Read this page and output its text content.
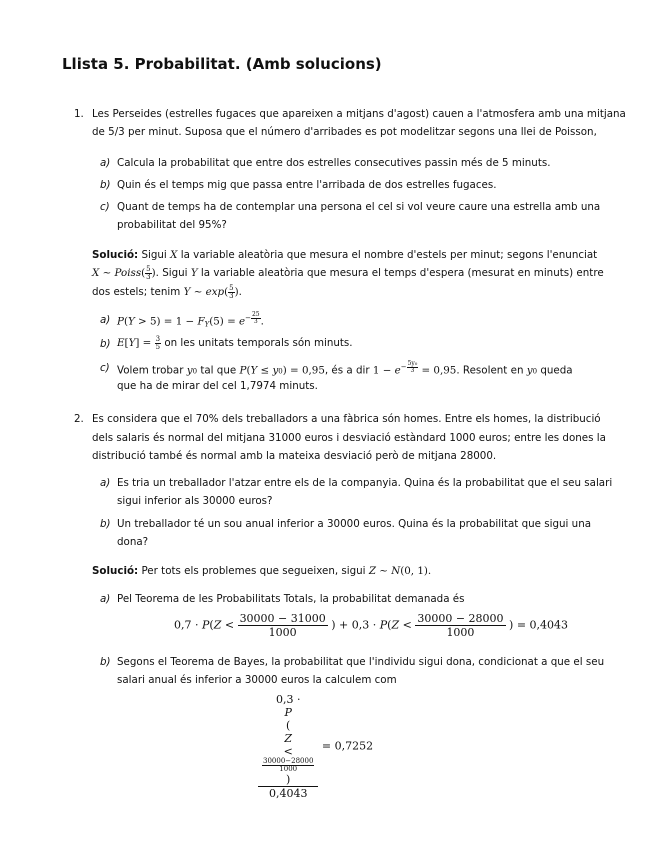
Llista 5. Probabilitat. (Amb solucions)
1. Les Perseides (estrelles fugaces que apareixen a mitjans d'agost) cauen a l'atmosfera amb una mitjana
de 5/3 per minut. Suposa que el número d'arribades es pot modelitzar segons una llei de Poisson,
a) Calcula la probabilitat que entre dos estrelles consecutives passin més de 5 minuts.
b) Quin és el temps mig que passa entre l'arribada de dos estrelles fugaces.
c) Quant de temps ha de contemplar una persona el cel si vol veure caure una estrella amb una
probabilitat del 95%?
Solució: Sigui X la variable aleatòria que mesura el nombre d'estels per minut; segons l'enunciat
X ∼ Poiss( $\frac{5}{3}$ ). Sigui Y la variable aleatòria que mesura el temps d'espera (mesurat en minuts) entre
dos estels; tenim Y ∼ $\exp( \frac{5}{3}$ ).
a) $P(Y > 5) = 1 - FY(5) = e^{- \frac{25}{3}}$ .
b) $E[Y] = \frac{3}{5}$ on les unitats temporals són minuts.
c) Volem trobar y0 tal que P(Y ≤ y0) = 0,95, és a dir $1 - e^{- \frac{\text{5y₀}}{3}} = 0,95$. Resolent en y0 queda
que ha de mirar del cel 1,7974 minuts.
2. Es considera que el 70% dels treballadors a una fàbrica són homes. Entre els homes, la distribució
dels salaris és normal del mitjana 31000 euros i desviació estàndard 1000 euros; entre les dones la
distribució també és normal amb la mateixa desviació però de mitjana 28000.
a) Es tria un treballador l'atzar entre els de la companyia. Quina és la probabilitat que el seu salari
sigui inferior als 30000 euros?
b) Un treballador té un sou anual inferior a 30000 euros. Quina és la probabilitat que sigui una
dona?
Solució: Per tots els problemes que segueixen, sigui Z ∼ N(0, 1).
a) Pel Teorema de les Probabilitats Totals, la probabilitat demanada és
$0,7 \cdot P(Z < \frac{30000 - 31000}{1000}$ ) + $0,3 \cdot P(Z < \frac{30000 - 28000}{1000}$ ) = 0,4043
b) Segons el Teorema de Bayes, la probabilitat que l'individu sigui dona, condicionat a que el seu
salari anual és inferior a 30000 euros la calculem com
0,3 ·
P
(
Z
<
30000−28000
1000
)
0,4043 = 0,7252
